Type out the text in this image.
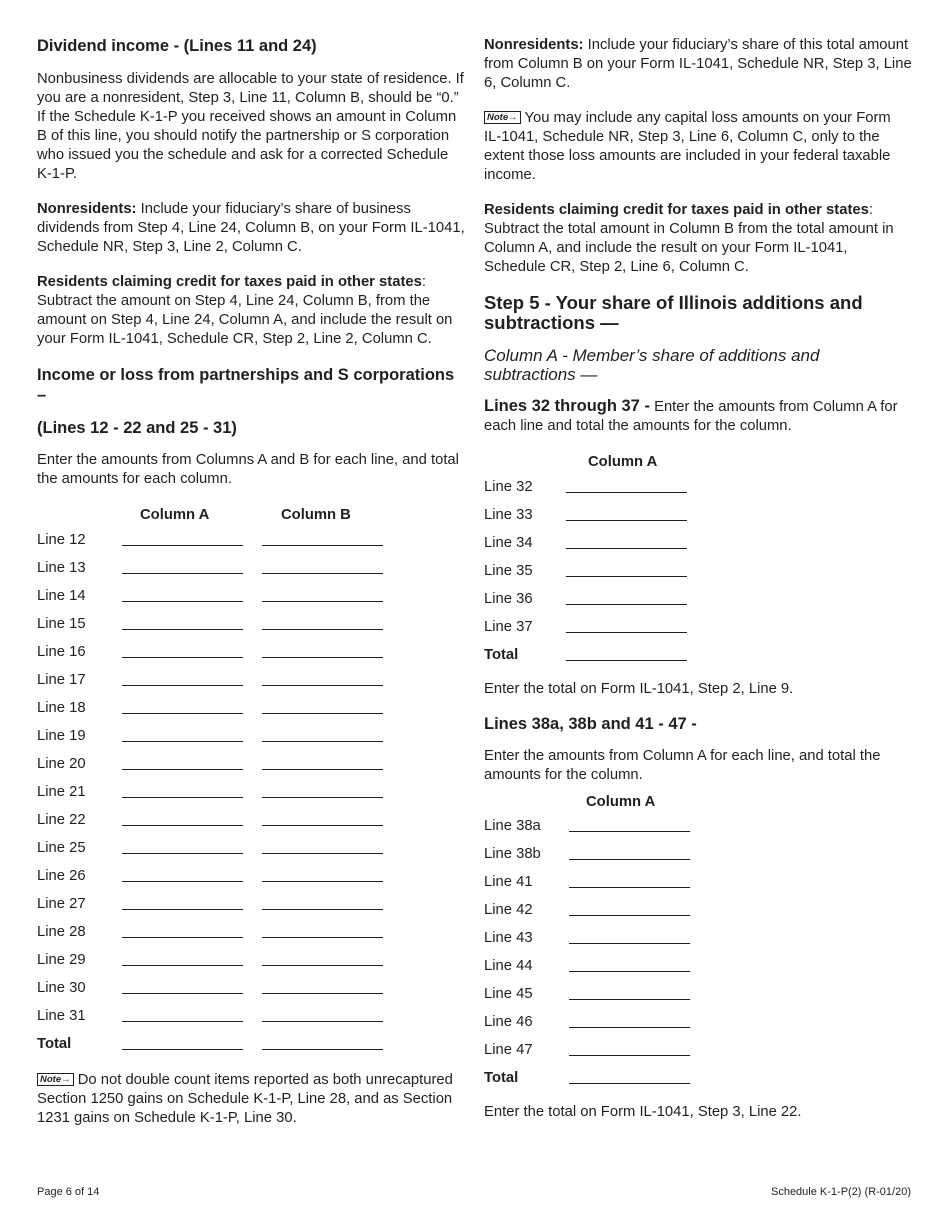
Dividend income - (Lines 11 and 24)

Nonbusiness dividends are allocable to your state of residence. If you are a nonresident, Step 3, Line 11, Column B, should be “0.” If the Schedule K-1-P you received shows an amount in Column B of this line, you should notify the partnership or S corporation who issued you the schedule and ask for a corrected Schedule K-1-P.

Nonresidents: Include your fiduciary’s share of business dividends from Step 4, Line 24, Column B, on your Form IL-1041, Schedule NR, Step 3, Line 2, Column C.

Residents claiming credit for taxes paid in other states: Subtract the amount on Step 4, Line 24, Column B, from the amount on Step 4, Line 24, Column A, and include the result on your Form IL-1041, Schedule CR, Step 2, Line 2, Column C.

Income or loss from partnerships and S corporations –
(Lines 12 - 22 and 25 - 31)

Enter the amounts from Columns A and B for each line, and total the amounts for each column.

Column A	Column B
Line 12
Line 13
Line 14
Line 15
Line 16
Line 17
Line 18
Line 19
Line 20
Line 21
Line 22
Line 25
Line 26
Line 27
Line 28
Line 29
Line 30
Line 31
Total

Note→ Do not double count items reported as both unrecaptured Section 1250 gains on Schedule K-1-P, Line 28, and as Section 1231 gains on Schedule K-1-P, Line 30.

Nonresidents: Include your fiduciary’s share of this total amount from Column B on your Form IL-1041, Schedule NR, Step 3, Line 6, Column C.

Note→ You may include any capital loss amounts on your Form IL-1041, Schedule NR, Step 3, Line 6, Column C, only to the extent those loss amounts are included in your federal taxable income.

Residents claiming credit for taxes paid in other states: Subtract the total amount in Column B from the total amount in Column A, and include the result on your Form IL-1041, Schedule CR, Step 2, Line 6, Column C.

Step 5 - Your share of Illinois additions and subtractions —
Column A - Member’s share of additions and subtractions —

Lines 32 through 37 - Enter the amounts from Column A for each line and total the amounts for the column.

Column A
Line 32
Line 33
Line 34
Line 35
Line 36
Line 37
Total

Enter the total on Form IL-1041, Step 2, Line 9.

Lines 38a, 38b and 41 - 47 -

Enter the amounts from Column A for each line, and total the amounts for the column.

Column A
Line 38a
Line 38b
Line 41
Line 42
Line 43
Line 44
Line 45
Line 46
Line 47
Total

Enter the total on Form IL-1041, Step 3, Line 22.

Page 6 of 14	Schedule K-1-P(2) (R-01/20)
